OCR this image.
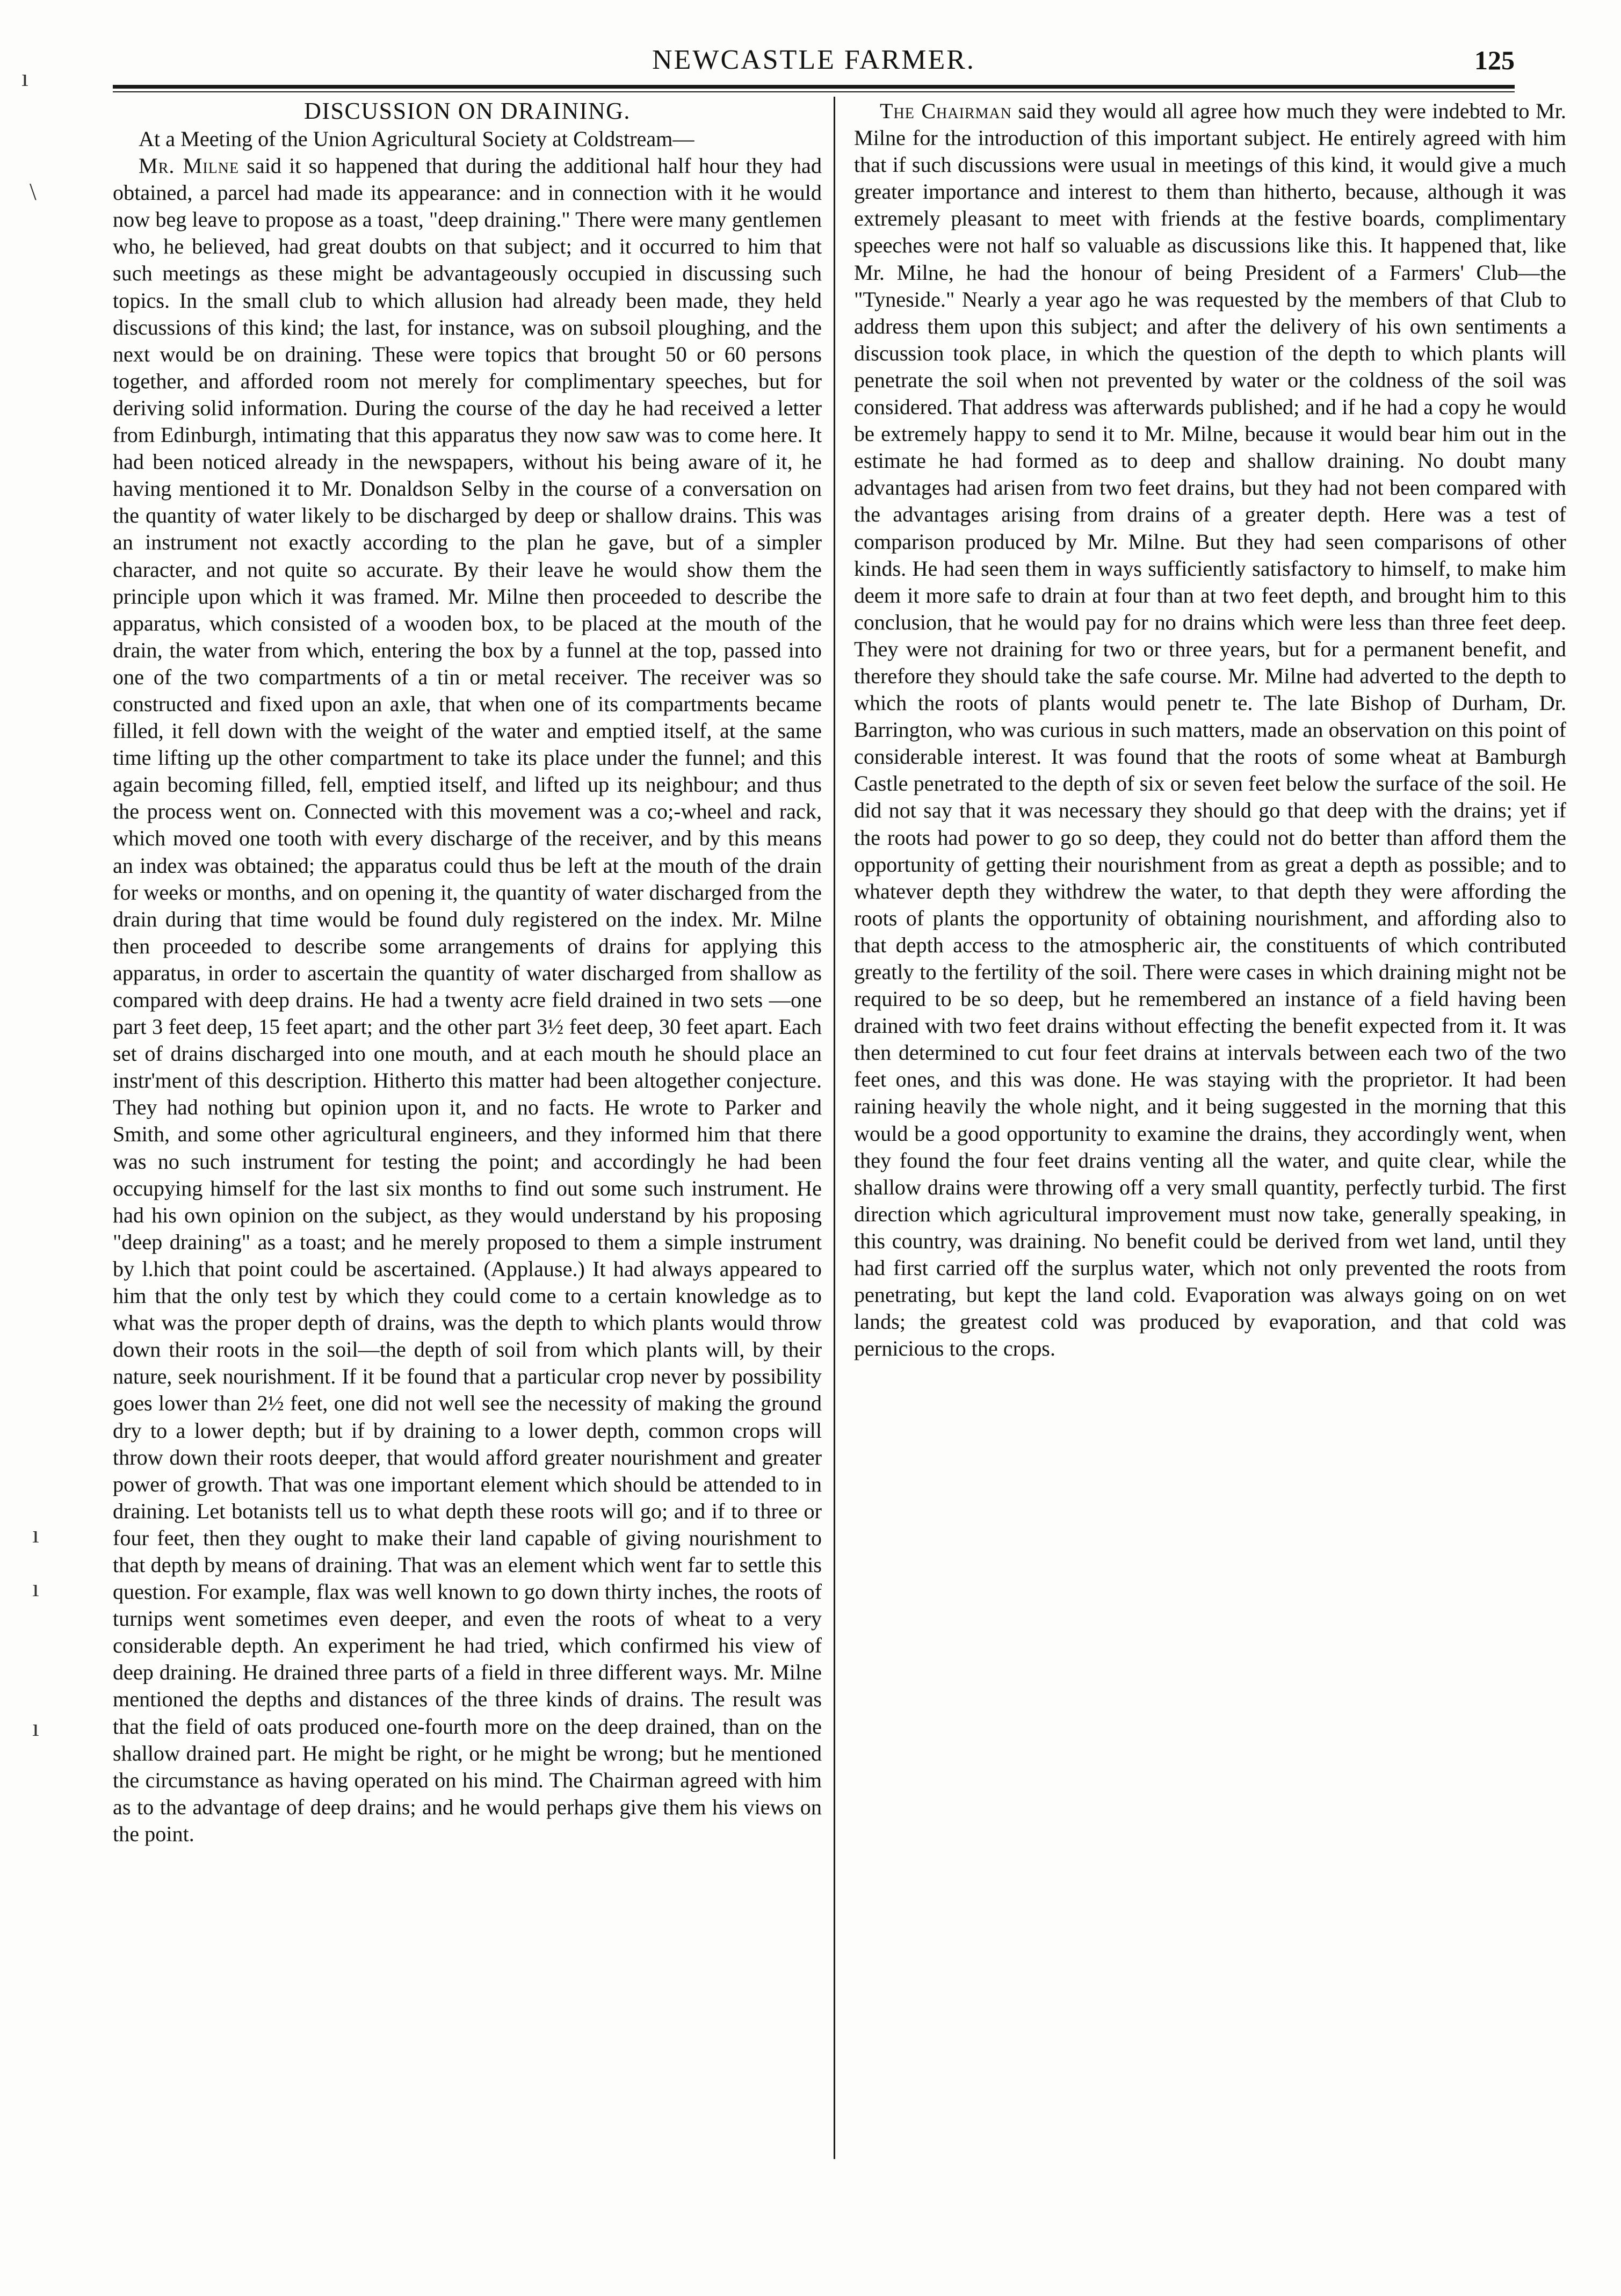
NEWCASTLE FARMER.	125
ı
\
ı
ı
ı
DISCUSSION ON DRAINING.

At a Meeting of the Union Agricultural Society at Coldstream—

Mr. Milne said it so happened that during the additional half hour they had obtained, a parcel had made its appearance: and in connection with it he would now beg leave to propose as a toast, "deep draining." There were many gentlemen who, he believed, had great doubts on that subject; and it occurred to him that such meetings as these might be advantageously occupied in discussing such topics. In the small club to which allusion had already been made, they held discussions of this kind; the last, for instance, was on subsoil ploughing, and the next would be on draining. These were topics that brought 50 or 60 persons together, and afforded room not merely for complimentary speeches, but for deriving solid information. During the course of the day he had received a letter from Edinburgh, intimating that this apparatus they now saw was to come here. It had been noticed already in the newspapers, without his being aware of it, he having mentioned it to Mr. Donaldson Selby in the course of a conversation on the quantity of water likely to be discharged by deep or shallow drains. This was an instrument not exactly according to the plan he gave, but of a simpler character, and not quite so accurate. By their leave he would show them the principle upon which it was framed. Mr. Milne then proceeded to describe the apparatus, which consisted of a wooden box, to be placed at the mouth of the drain, the water from which, entering the box by a funnel at the top, passed into one of the two compartments of a tin or metal receiver. The receiver was so constructed and fixed upon an axle, that when one of its compartments became filled, it fell down with the weight of the water and emptied itself, at the same time lifting up the other compartment to take its place under the funnel; and this again becoming filled, fell, emptied itself, and lifted up its neighbour; and thus the process went on. Connected with this movement was a co;-wheel and rack, which moved one tooth with every discharge of the receiver, and by this means an index was obtained; the apparatus could thus be left at the mouth of the drain for weeks or months, and on opening it, the quantity of water discharged from the drain during that time would be found duly registered on the index. Mr. Milne then proceeded to describe some arrangements of drains for applying this apparatus, in order to ascertain the quantity of water discharged from shallow as compared with deep drains. He had a twenty acre field drained in two sets —one part 3 feet deep, 15 feet apart; and the other part 3½ feet deep, 30 feet apart. Each set of drains discharged into one mouth, and at each mouth he should place an instr'ment of this description. Hitherto this matter had been altogether conjecture. They had nothing but opinion upon it, and no facts. He wrote to Parker and Smith, and some other agricultural engineers, and they informed him that there was no such instrument for testing the point; and accordingly he had been occupying himself for the last six months to find out some such instrument. He had his own opinion on the subject, as they would understand by his proposing "deep draining" as a toast; and he merely proposed to them a simple instrument by l.hich that point could be ascertained. (Applause.) It had always appeared to him that the only test by which they could come to a certain knowledge as to what was the proper depth of drains, was the depth to which plants would throw down their roots in the soil—the depth of soil from which plants will, by their nature, seek nourishment. If it be found that a particular crop never by possibility goes lower than 2½ feet, one did not well see the necessity of making the ground dry to a lower depth; but if by draining to a lower depth, common crops will throw down their roots deeper, that would afford greater nourishment and greater power of growth. That was one important element which should be attended to in draining. Let botanists tell us to what depth these roots will go; and if to three or four feet, then they ought to make their land capable of giving nourishment to that depth by means of draining. That was an element which went far to settle this question. For example, flax was well known to go down thirty inches, the roots of turnips went sometimes even deeper, and even the roots of wheat to a very considerable depth. An experiment he had tried, which confirmed his view of deep draining. He drained three parts of a field in three different ways. Mr. Milne mentioned the depths and distances of the three kinds of drains. The result was that the field of oats produced one-fourth more on the deep drained, than on the shallow drained part. He might be right, or he might be wrong; but he mentioned the circumstance as having operated on his mind. The Chairman agreed with him as to the advantage of deep drains; and he would perhaps give them his views on the point.

The Chairman said they would all agree how much they were indebted to Mr. Milne for the introduction of this important subject. He entirely agreed with him that if such discussions were usual in meetings of this kind, it would give a much greater importance and interest to them than hitherto, because, although it was extremely pleasant to meet with friends at the festive boards, complimentary speeches were not half so valuable as discussions like this. It happened that, like Mr. Milne, he had the honour of being President of a Farmers' Club—the "Tyneside." Nearly a year ago he was requested by the members of that Club to address them upon this subject; and after the delivery of his own sentiments a discussion took place, in which the question of the depth to which plants will penetrate the soil when not prevented by water or the coldness of the soil was considered. That address was afterwards published; and if he had a copy he would be extremely happy to send it to Mr. Milne, because it would bear him out in the estimate he had formed as to deep and shallow draining. No doubt many advantages had arisen from two feet drains, but they had not been compared with the advantages arising from drains of a greater depth. Here was a test of comparison produced by Mr. Milne. But they had seen comparisons of other kinds. He had seen them in ways sufficiently satisfactory to himself, to make him deem it more safe to drain at four than at two feet depth, and brought him to this conclusion, that he would pay for no drains which were less than three feet deep. They were not draining for two or three years, but for a permanent benefit, and therefore they should take the safe course. Mr. Milne had adverted to the depth to which the roots of plants would penetr te. The late Bishop of Durham, Dr. Barrington, who was curious in such matters, made an observation on this point of considerable interest. It was found that the roots of some wheat at Bamburgh Castle penetrated to the depth of six or seven feet below the surface of the soil. He did not say that it was necessary they should go that deep with the drains; yet if the roots had power to go so deep, they could not do better than afford them the opportunity of getting their nourishment from as great a depth as possible; and to whatever depth they withdrew the water, to that depth they were affording the roots of plants the opportunity of obtaining nourishment, and affording also to that depth access to the atmospheric air, the constituents of which contributed greatly to the fertility of the soil. There were cases in which draining might not be required to be so deep, but he remembered an instance of a field having been drained with two feet drains without effecting the benefit expected from it. It was then determined to cut four feet drains at intervals between each two of the two feet ones, and this was done. He was staying with the proprietor. It had been raining heavily the whole night, and it being suggested in the morning that this would be a good opportunity to examine the drains, they accordingly went, when they found the four feet drains venting all the water, and quite clear, while the shallow drains were throwing off a very small quantity, perfectly turbid. The first direction which agricultural improvement must now take, generally speaking, in this country, was draining. No benefit could be derived from wet land, until they had first carried off the surplus water, which not only prevented the roots from penetrating, but kept the land cold. Evaporation was always going on on wet lands; the greatest cold was produced by evaporation, and that cold was pernicious to the crops.
